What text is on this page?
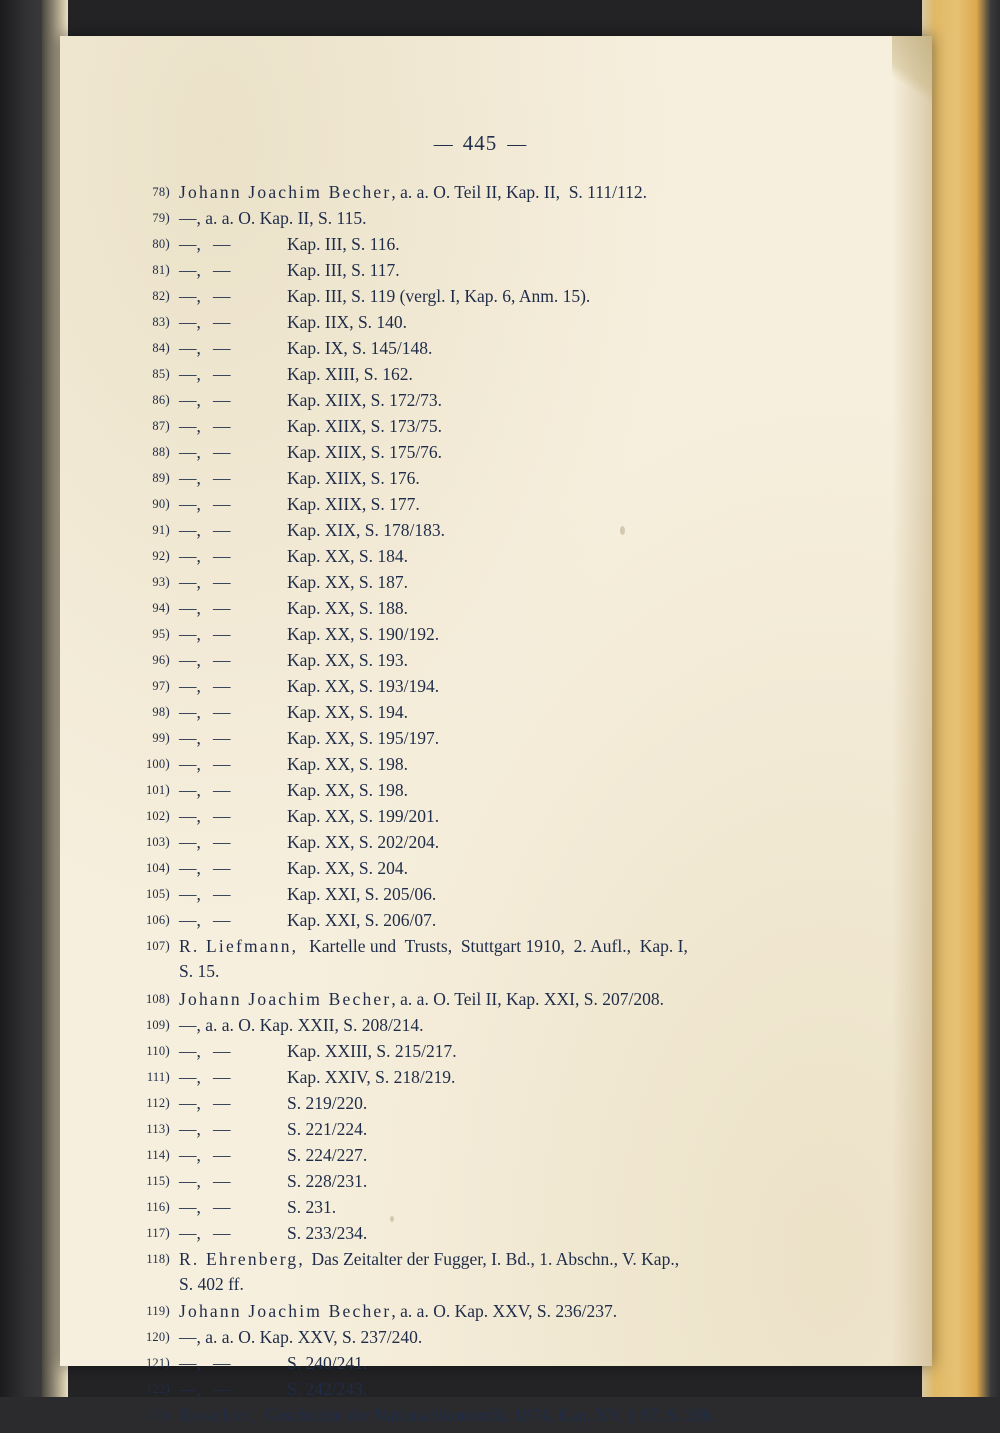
— 445 —
78) Johann Joachim Becher, a. a. O. Teil II, Kap. II,  S. 111/112.
79) —, a. a. O. Kap. II, S. 115.
80) —, —	Kap. III, S. 116.
81) —, —	Kap. III, S. 117.
82) —, —	Kap. III, S. 119 (vergl. I, Kap. 6, Anm. 15).
83) —, —	Kap. IIX, S. 140.
84) —, —	Kap. IX, S. 145/148.
85) —, —	Kap. XIII, S. 162.
86) —, —	Kap. XIIX, S. 172/73.
87) —, —	Kap. XIIX, S. 173/75.
88) —, —	Kap. XIIX, S. 175/76.
89) —, —	Kap. XIIX, S. 176.
90) —, —	Kap. XIIX, S. 177.
91) —, —	Kap. XIX, S. 178/183.
92) —, —	Kap. XX, S. 184.
93) —, —	Kap. XX, S. 187.
94) —, —	Kap. XX, S. 188.
95) —, —	Kap. XX, S. 190/192.
96) —, —	Kap. XX, S. 193.
97) —, —	Kap. XX, S. 193/194.
98) —, —	Kap. XX, S. 194.
99) —, —	Kap. XX, S. 195/197.
100) —, —	Kap. XX, S. 198.
101) —, —	Kap. XX, S. 198.
102) —, —	Kap. XX, S. 199/201.
103) —, —	Kap. XX, S. 202/204.
104) —, —	Kap. XX, S. 204.
105) —, —	Kap. XXI, S. 205/06.
106) —, —	Kap. XXI, S. 206/07.
107) R. Liefmann,   Kartelle und  Trusts,  Stuttgart 1910,  2. Aufl.,  Kap. I,
S. 15.
108) Johann Joachim Becher, a. a. O. Teil II, Kap. XXI, S. 207/208.
109) —, a. a. O. Kap. XXII, S. 208/214.
110) —, —	Kap. XXIII, S. 215/217.
111) —, —	Kap. XXIV, S. 218/219.
112) —, —	S. 219/220.
113) —, —	S. 221/224.
114) —, —	S. 224/227.
115) —, —	S. 228/231.
116) —, —	S. 231.
117) —, —	S. 233/234.
118) R. Ehrenberg,  Das Zeitalter der Fugger, I. Bd., 1. Abschn., V. Kap.,
S. 402 ff.
119) Johann Joachim Becher, a. a. O. Kap. XXV, S. 236/237.
120) —, a. a. O. Kap. XXV, S. 237/240.
121) —, —	S. 240/241.
122) —, —	S. 242/243.
123) Roscher,  Geschichte der Nationalökonomik, 1874, Kap. XV, § 67, S. 286.
